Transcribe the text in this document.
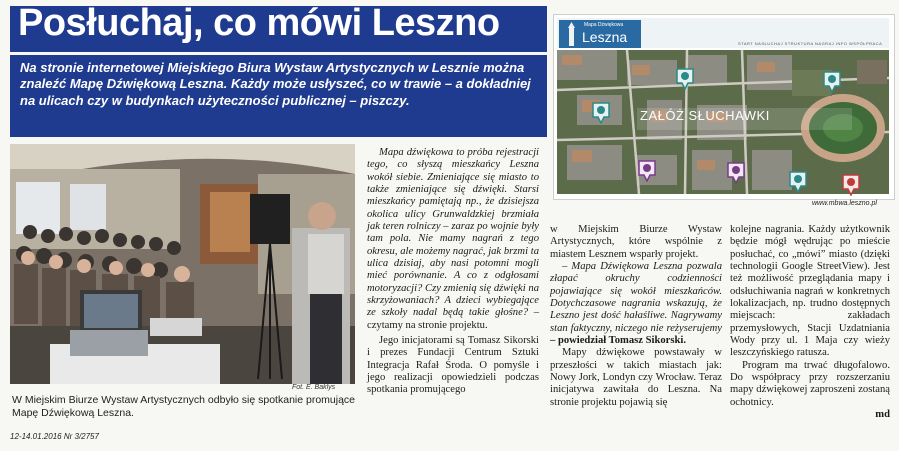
Posłuchaj, co mówi Leszno
Na stronie internetowej Miejskiego Biura Wystaw Artystycznych w Lesznie można znaleźć Mapę Dźwiękową Leszna. Każdy może usłyszeć, co w trawie – a dokładniej na ulicach czy w budynkach użyteczności publicznej – piszczy.
Fot. E. Baklys
W Miejskim Biurze Wystaw Artystycznych odbyło się spotkanie promujące Mapę Dźwiękową Leszna.
12-14.01.2016 Nr 3/2757

Mapa dźwiękowa to próba rejestracji tego, co słyszą mieszkańcy Leszna wokół siebie. Zmieniające się miasto to także zmieniające się dźwięki. Starsi mieszkańcy pamiętają np., że dzisiejsza okolica ulicy Grunwaldzkiej brzmiała jak teren rolniczy – zaraz po wojnie były tam pola. Nie mamy nagrań z tego okresu, ale możemy nagrać, jak brzmi ta ulica dzisiaj, aby nasi potomni mogli mieć porównanie. A co z odgłosami motoryzacji? Czy zmienią się dźwięki na skrzyżowaniach? A dzieci wybiegające ze szkoły nadal będą takie głośne? – czytamy na stronie projektu.

Jego inicjatorami są Tomasz Sikorski i prezes Fundacji Centrum Sztuki Integracja Rafał Środa. O pomyśle i jego realizacji opowiedzieli podczas spotkania promującego

w Miejskim Biurze Wystaw Artystycznych, które wspólnie z miastem Lesznem wsparły projekt.

– Mapa Dźwiękowa Leszna pozwala złapać okruchy codzienności pojawiające się wokół mieszkańców. Dotychczasowe nagrania wskazują, że Leszno jest dość hałaśliwe. Nagrywamy stan faktyczny, niczego nie reżyserujemy – powiedział Tomasz Sikorski.

Mapy dźwiękowe powstawały w przeszłości w takich miastach jak: Nowy Jork, Londyn czy Wrocław. Teraz inicjatywa zawitała do Leszna. Na stronie projektu pojawią się

kolejne nagrania. Każdy użytkownik będzie mógł wędrując po mieście posłuchać, co „mówi” miasto (dzięki technologii Google StreetView). Jest też możliwość przeglądania mapy i odsłuchiwania nagrań w konkretnych lokalizacjach, np. trudno dostępnych miejscach: zakładach przemysłowych, Stacji Uzdatniania Wody przy ul. 1 Maja czy wieży leszczyńskiego ratusza.

Program ma trwać długofalowo. Do współpracy przy rozszerzaniu mapy dźwiękowej zaproszeni zostaną ochotnicy.

md

Mapa Dźwiękowa
Leszna	START NASŁUCHAJ STRUKTURA NAGRAJ INFO WSPÓŁPRACA
ZAŁÓŻ SŁUCHAWKI
www.mbwa.leszno.pl
